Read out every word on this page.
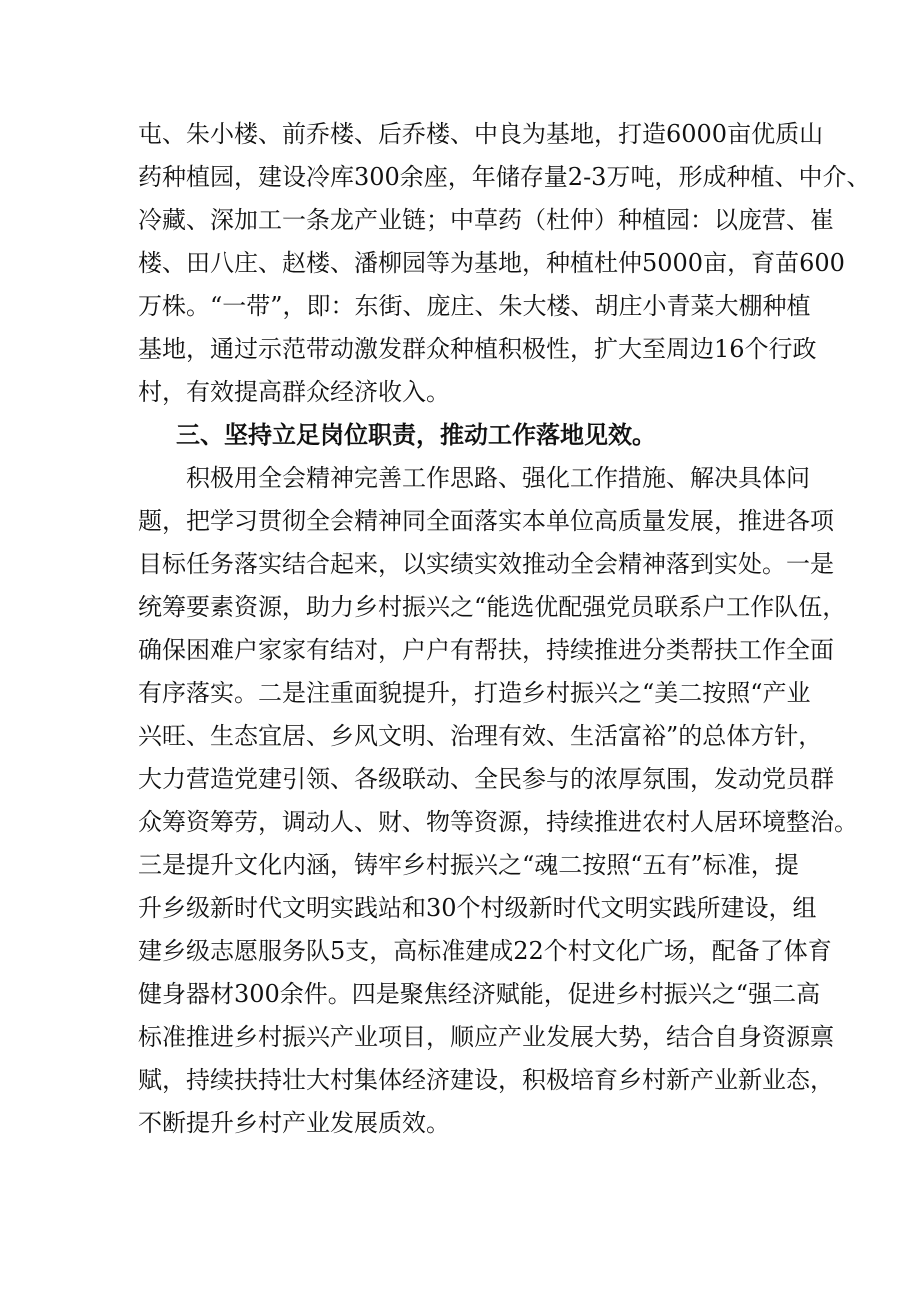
屯、朱小楼、前乔楼、后乔楼、中良为基地，打造6000亩优质山
药种植园，建设冷库300余座，年储存量2-3万吨，形成种植、中介、
冷藏、深加工一条龙产业链；中草药（杜仲）种植园：以庞营、崔
楼、田八庄、赵楼、潘柳园等为基地，种植杜仲5000亩，育苗600
万株。“一带”，即：东街、庞庄、朱大楼、胡庄小青菜大棚种植
基地，通过示范带动激发群众种植积极性，扩大至周边16个行政
村，有效提高群众经济收入。
三、坚持立足岗位职责，推动工作落地见效。
积极用全会精神完善工作思路、强化工作措施、解决具体问
题，把学习贯彻全会精神同全面落实本单位高质量发展，推进各项
目标任务落实结合起来，以实绩实效推动全会精神落到实处。一是
统筹要素资源，助力乡村振兴之“能选优配强党员联系户工作队伍，
确保困难户家家有结对，户户有帮扶，持续推进分类帮扶工作全面
有序落实。二是注重面貌提升，打造乡村振兴之“美二按照“产业
兴旺、生态宜居、乡风文明、治理有效、生活富裕”的总体方针，
大力营造党建引领、各级联动、全民参与的浓厚氛围，发动党员群
众筹资筹劳，调动人、财、物等资源，持续推进农村人居环境整治。
三是提升文化内涵，铸牢乡村振兴之“魂二按照“五有”标准，提
升乡级新时代文明实践站和30个村级新时代文明实践所建设，组
建乡级志愿服务队5支，高标准建成22个村文化广场，配备了体育
健身器材300余件。四是聚焦经济赋能，促进乡村振兴之“强二高
标准推进乡村振兴产业项目，顺应产业发展大势，结合自身资源禀
赋，持续扶持壮大村集体经济建设，积极培育乡村新产业新业态，
不断提升乡村产业发展质效。
